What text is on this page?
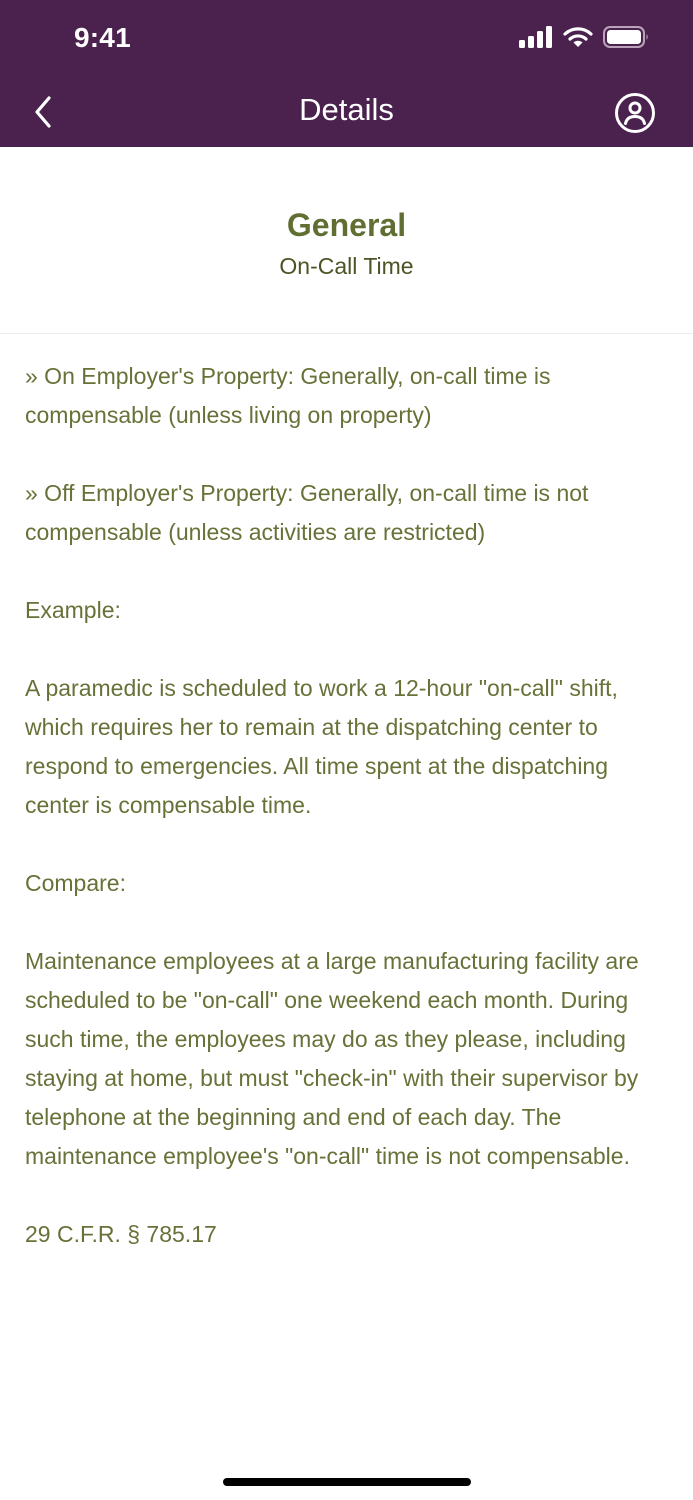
9:41
Details
General
On-Call Time

» On Employer's Property: Generally, on-call time is compensable (unless living on property)

» Off Employer's Property: Generally, on-call time is not compensable (unless activities are restricted)

Example:

A paramedic is scheduled to work a 12-hour "on-call" shift, which requires her to remain at the dispatching center to respond to emergencies. All time spent at the dispatching center is compensable time.

Compare:

Maintenance employees at a large manufacturing facility are scheduled to be "on-call" one weekend each month. During such time, the employees may do as they please, including staying at home, but must "check-in" with their supervisor by telephone at the beginning and end of each day. The maintenance employee's "on-call" time is not compensable.

29 C.F.R. § 785.17
